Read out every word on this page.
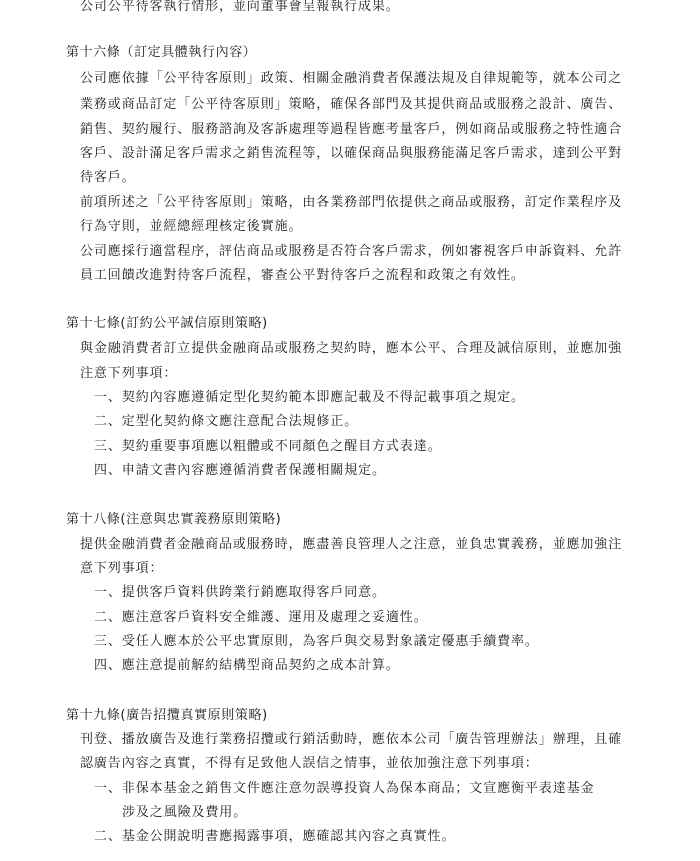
公司公平待客執行情形，並向董事會呈報執行成果。
第十六條（訂定具體執行內容）
公司應依據「公平待客原則」政策、相關金融消費者保護法規及自律規範等，就本公司之
業務或商品訂定「公平待客原則」策略，確保各部門及其提供商品或服務之設計、廣告、
銷售、契約履行、服務諮詢及客訴處理等過程皆應考量客戶，例如商品或服務之特性適合
客戶、設計滿足客戶需求之銷售流程等，以確保商品與服務能滿足客戶需求，達到公平對
待客戶。
前項所述之「公平待客原則」策略，由各業務部門依提供之商品或服務，訂定作業程序及
行為守則，並經總經理核定後實施。
公司應採行適當程序，評估商品或服務是否符合客戶需求，例如審視客戶申訴資料、允許
員工回饋改進對待客戶流程，審查公平對待客戶之流程和政策之有效性。
第十七條(訂約公平誠信原則策略)
與金融消費者訂立提供金融商品或服務之契約時，應本公平、合理及誠信原則，並應加強
注意下列事項：
一、契約內容應遵循定型化契約範本即應記載及不得記載事項之規定。
二、定型化契約條文應注意配合法規修正。
三、契約重要事項應以粗體或不同顏色之醒目方式表達。
四、申請文書內容應遵循消費者保護相關規定。
第十八條(注意與忠實義務原則策略)
提供金融消費者金融商品或服務時，應盡善良管理人之注意，並負忠實義務，並應加強注
意下列事項：
一、提供客戶資料供跨業行銷應取得客戶同意。
二、應注意客戶資料安全維護、運用及處理之妥適性。
三、受任人應本於公平忠實原則，為客戶與交易對象議定優惠手續費率。
四、應注意提前解約結構型商品契約之成本計算。
第十九條(廣告招攬真實原則策略)
刊登、播放廣告及進行業務招攬或行銷活動時，應依本公司「廣告管理辦法」辦理，且確
認廣告內容之真實，不得有足致他人誤信之情事，並依加強注意下列事項：
一、非保本基金之銷售文件應注意勿誤導投資人為保本商品；文宣應衡平表達基金
涉及之風險及費用。
二、基金公開說明書應揭露事項，應確認其內容之真實性。
